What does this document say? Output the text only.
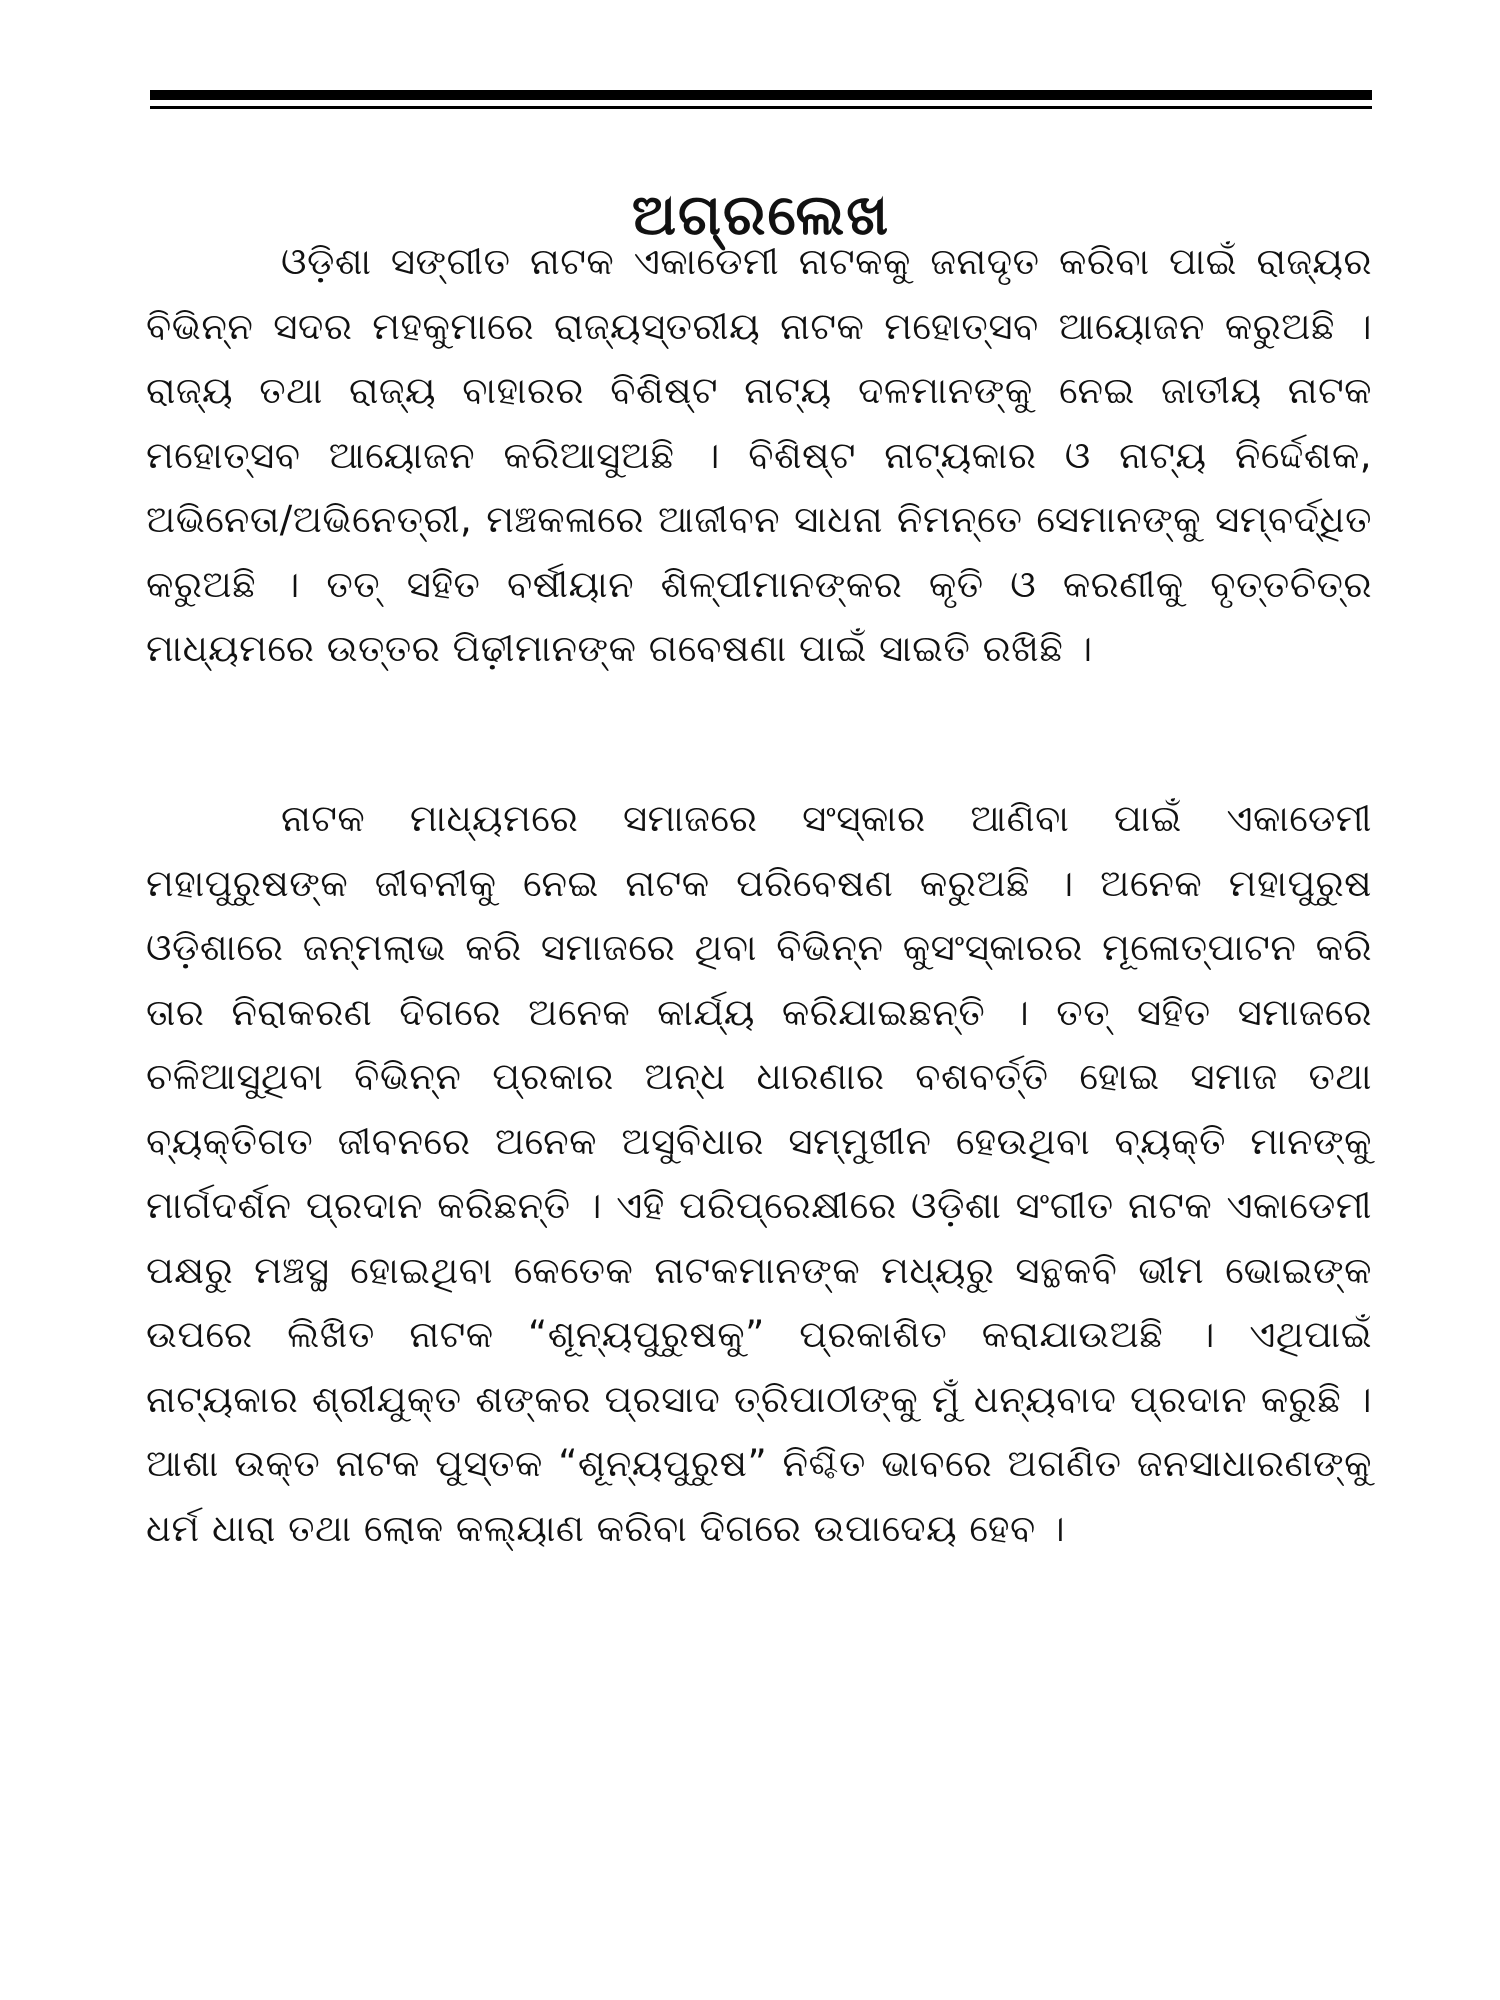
ଅଗ୍ରଲେଖ

ଓଡ଼ିଶା ସଙ୍ଗୀତ ନାଟକ ଏକାଡେମୀ ନାଟକକୁ ଜନାଦୃତ କରିବା ପାଇଁ ରାଜ୍ୟର ବିଭିନ୍ନ ସଦର ମହକୁମାରେ ରାଜ୍ୟସ୍ତରୀୟ ନାଟକ ମହୋତ୍ସବ ଆୟୋଜନ କରୁଅଛି । ରାଜ୍ୟ ତଥା ରାଜ୍ୟ ବାହାରର ବିଶିଷ୍ଟ ନାଟ୍ୟ ଦଳମାନଙ୍କୁ ନେଇ ଜାତୀୟ ନାଟକ ମହୋତ୍ସବ ଆୟୋଜନ କରିଆସୁଅଛି । ବିଶିଷ୍ଟ ନାଟ୍ୟକାର ଓ ନାଟ୍ୟ ନିର୍ଦ୍ଦେଶକ, ଅଭିନେତା/ଅଭିନେତ୍ରୀ, ମଞ୍ଚକଳାରେ ଆଜୀବନ ସାଧନା ନିମନ୍ତେ ସେମାନଙ୍କୁ ସମ୍ବର୍ଦ୍ଧିତ କରୁଅଛି । ତତ୍ ସହିତ ବର୍ଷୀୟାନ ଶିଳ୍ପୀମାନଙ୍କର କୃତି ଓ କରଣୀକୁ ବୃତ୍ତଚିତ୍ର ମାଧ୍ୟମରେ ଉତ୍ତର ପିଢ଼ୀମାନଙ୍କ ଗବେଷଣା ପାଇଁ ସାଇତି ରଖିଛି ।

ନାଟକ ମାଧ୍ୟମରେ ସମାଜରେ ସଂସ୍କାର ଆଣିବା ପାଇଁ ଏକାଡେମୀ ମହାପୁରୁଷଙ୍କ ଜୀବନୀକୁ ନେଇ ନାଟକ ପରିବେଷଣ କରୁଅଛି । ଅନେକ ମହାପୁରୁଷ ଓଡ଼ିଶାରେ ଜନ୍ମଲାଭ କରି ସମାଜରେ ଥିବା ବିଭିନ୍ନ କୁସଂସ୍କାରର ମୂଳୋତ୍ପାଟନ କରି ତାର ନିରାକରଣ ଦିଗରେ ଅନେକ କାର୍ଯ୍ୟ କରିଯାଇଛନ୍ତି । ତତ୍ ସହିତ ସମାଜରେ ଚଳିଆସୁଥିବା ବିଭିନ୍ନ ପ୍ରକାର ଅନ୍ଧ ଧାରଣାର ବଶବର୍ତ୍ତି ହୋଇ ସମାଜ ତଥା ବ୍ୟକ୍ତିଗତ ଜୀବନରେ ଅନେକ ଅସୁବିଧାର ସମ୍ମୁଖୀନ ହେଉଥିବା ବ୍ୟକ୍ତି ମାନଙ୍କୁ ମାର୍ଗଦର୍ଶନ ପ୍ରଦାନ କରିଛନ୍ତି । ଏହି ପରିପ୍ରେକ୍ଷୀରେ ଓଡ଼ିଶା ସଂଗୀତ ନାଟକ ଏକାଡେମୀ ପକ୍ଷରୁ ମଞ୍ଚସ୍ଥ ହୋଇଥିବା କେତେକ ନାଟକମାନଙ୍କ ମଧ୍ୟରୁ ସନ୍ଥକବି ଭୀମ ଭୋଇଙ୍କ ଉପରେ ଲିଖିତ ନାଟକ “ଶୂନ୍ୟପୁରୁଷକୁ” ପ୍ରକାଶିତ କରାଯାଉଅଛି । ଏଥିପାଇଁ ନାଟ୍ୟକାର ଶ୍ରୀଯୁକ୍ତ ଶଙ୍କର ପ୍ରସାଦ ତ୍ରିପାଠୀଙ୍କୁ ମୁଁ ଧନ୍ୟବାଦ ପ୍ରଦାନ କରୁଛି । ଆଶା ଉକ୍ତ ନାଟକ ପୁସ୍ତକ “ଶୂନ୍ୟପୁରୁଷ” ନିଶ୍ଚିତ ଭାବରେ ଅଗଣିତ ଜନସାଧାରଣଙ୍କୁ ଧର୍ମ ଧାରା ତଥା ଲୋକ କଲ୍ୟାଣ କରିବା ଦିଗରେ ଉପାଦେୟ ହେବ ।
